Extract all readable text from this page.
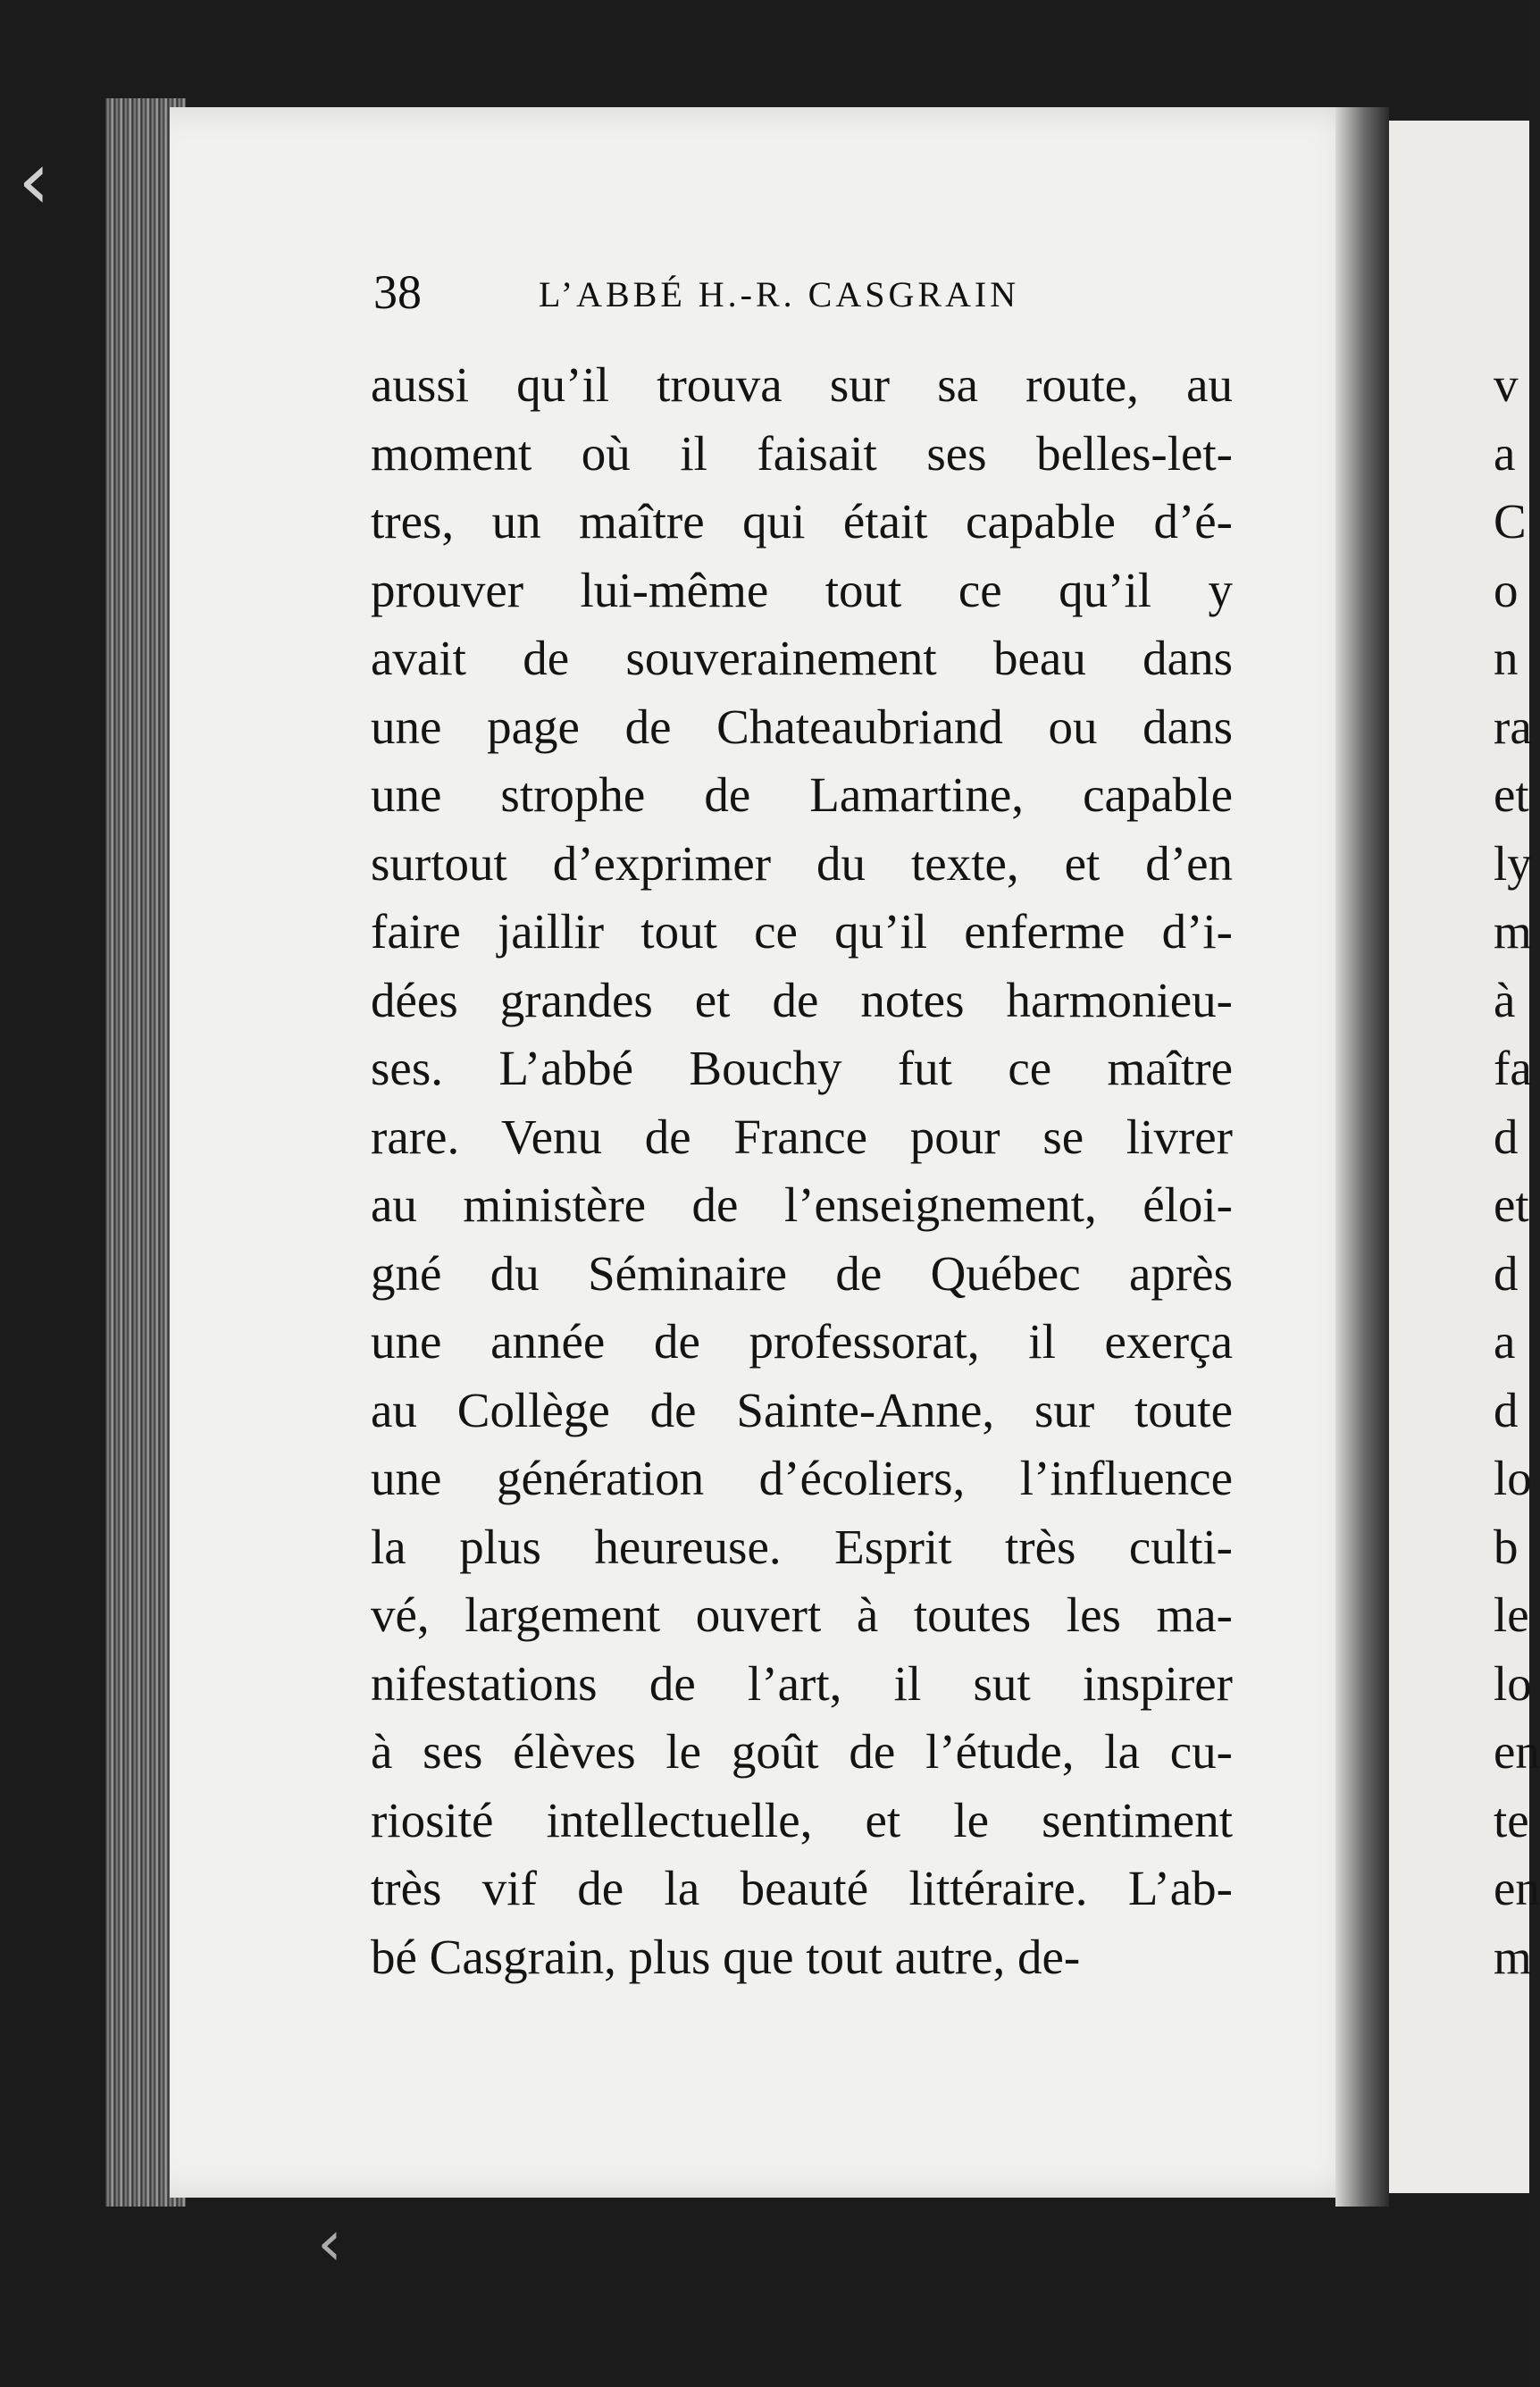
‹
‹
38	L’ABBÉ H.-R. CASGRAIN
aussi qu’il trouva sur sa route, au
moment où il faisait ses belles-let-
tres, un maître qui était capable d’é-
prouver lui-même tout ce qu’il y
avait de souverainement beau dans
une page de Chateaubriand ou dans
une strophe de Lamartine, capable
surtout d’exprimer du texte, et d’en
faire jaillir tout ce qu’il enferme d’i-
dées grandes et de notes harmonieu-
ses. L’abbé Bouchy fut ce maître
rare. Venu de France pour se livrer
au ministère de l’enseignement, éloi-
gné du Séminaire de Québec après
une année de professorat, il exerça
au Collège de Sainte-Anne, sur toute
une génération d’écoliers, l’influence
la plus heureuse. Esprit très culti-
vé, largement ouvert à toutes les ma-
nifestations de l’art, il sut inspirer
à ses élèves le goût de l’étude, la cu-
riosité intellectuelle, et le sentiment
très vif de la beauté littéraire. L’ab-
bé Casgrain, plus que tout autre, de-
v
a
C
o
n
ra
et
ly
m
à
fa
d
et
d
a
d
lo
b
le
lo
en
te
en
m
